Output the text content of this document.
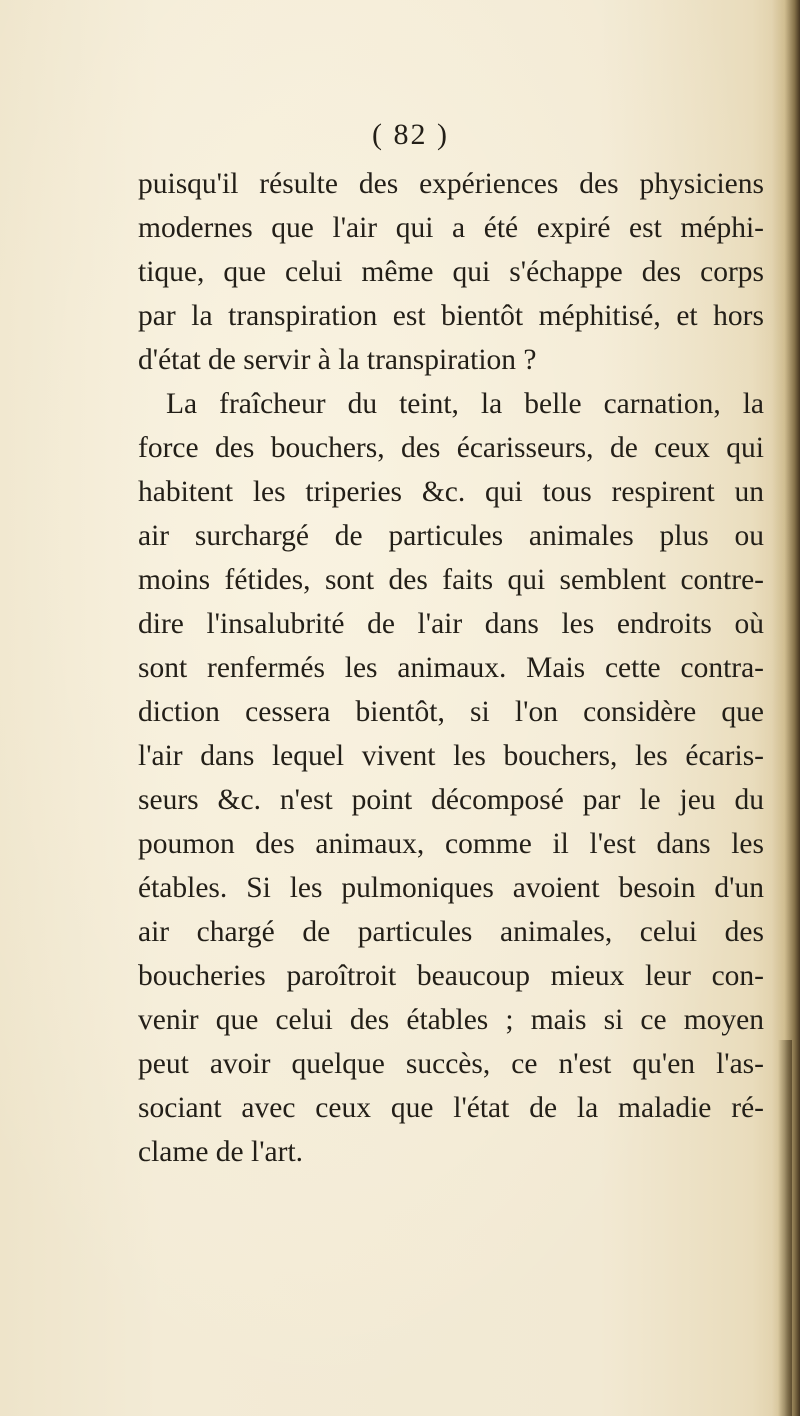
( 82 )
puisqu'il résulte des expériences des physiciens
modernes que l'air qui a été expiré est méphi-
tique, que celui même qui s'échappe des corps
par la transpiration est bientôt méphitisé, et hors
d'état de servir à la transpiration ?
La fraîcheur du teint, la belle carnation, la
force des bouchers, des écarisseurs, de ceux qui
habitent les triperies &c. qui tous respirent un
air surchargé de particules animales plus ou
moins fétides, sont des faits qui semblent contre-
dire l'insalubrité de l'air dans les endroits où
sont renfermés les animaux. Mais cette contra-
diction cessera bientôt, si l'on considère que
l'air dans lequel vivent les bouchers, les écaris-
seurs &c. n'est point décomposé par le jeu du
poumon des animaux, comme il l'est dans les
étables. Si les pulmoniques avoient besoin d'un
air chargé de particules animales, celui des
boucheries paroîtroit beaucoup mieux leur con-
venir que celui des étables ; mais si ce moyen
peut avoir quelque succès, ce n'est qu'en l'as-
sociant avec ceux que l'état de la maladie ré-
clame de l'art.
